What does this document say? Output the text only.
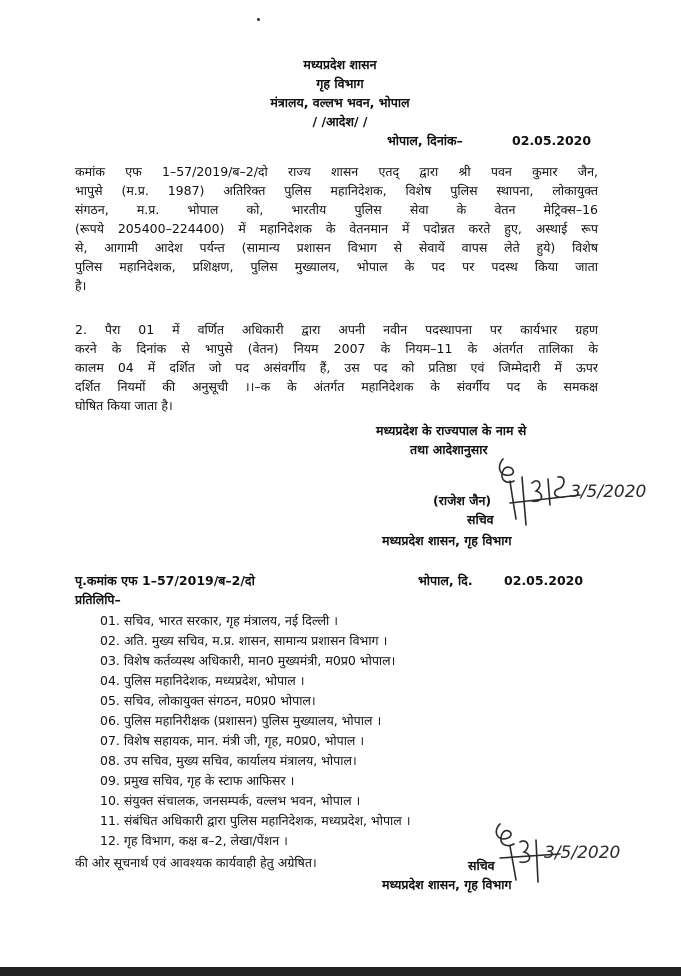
मध्यप्रदेश शासन
गृह विभाग
मंत्रालय, वल्लभ भवन, भोपाल
/ /आदेश/ /
भोपाल, दिनांक–	02.05.2020
कमांक एफ 1–57/2019/ब–2/दो राज्य शासन एतद् द्वारा श्री पवन कुमार जैन,
भापुसे (म.प्र. 1987) अतिरिक्त पुलिस महानिदेशक, विशेष पुलिस स्थापना, लोकायुक्त
संगठन, म.प्र. भोपाल को, भारतीय पुलिस सेवा के वेतन मेट्रिक्स–16
(रूपये 205400–224400) में महानिदेशक के वेतनमान में पदोन्नत करते हुए, अस्थाई रूप
से, आगामी आदेश पर्यन्त (सामान्य प्रशासन विभाग से सेवायें वापस लेते हुये) विशेष
पुलिस महानिदेशक, प्रशिक्षण, पुलिस मुख्यालय, भोपाल के पद पर पदस्थ किया जाता
है।
2. पैरा 01 में वर्णित अधिकारी द्वारा अपनी नवीन पदस्थापना पर कार्यभार ग्रहण
करने के दिनांक से भापुसे (वेतन) नियम 2007 के नियम–11 के अंतर्गत तालिका के
कालम 04 में दर्शित जो पद असंवर्गीय हैं, उस पद को प्रतिष्ठा एवं जिम्मेदारी में ऊपर
दर्शित नियमों की अनुसूची ।।–क के अंतर्गत महानिदेशक के संवर्गीय पद के समकक्ष
घोषित किया जाता है।
मध्यप्रदेश के राज्यपाल के नाम से
तथा आदेशानुसार
3/5/2020
(राजेश जैन)
सचिव
मध्यप्रदेश शासन, गृह विभाग
पृ.कमांक एफ 1–57/2019/ब–2/दो	भोपाल, दि.	02.05.2020
प्रतिलिपि–
01. सचिव, भारत सरकार, गृह मंत्रालय, नई दिल्ली ।
02. अति. मुख्य सचिव, म.प्र. शासन, सामान्य प्रशासन विभाग ।
03. विशेष कर्तव्यस्थ अधिकारी, मान0 मुख्यमंत्री, म0प्र0 भोपाल।
04. पुलिस महानिदेशक, मध्यप्रदेश, भोपाल ।
05. सचिव, लोकायुक्त संगठन, म0प्र0 भोपाल।
06. पुलिस महानिरीक्षक (प्रशासन) पुलिस मुख्यालय, भोपाल ।
07. विशेष सहायक, मान. मंत्री जी, गृह, म0प्र0, भोपाल ।
08. उप सचिव, मुख्य सचिव, कार्यालय मंत्रालय, भोपाल।
09. प्रमुख सचिव, गृह के स्टाफ आफिसर ।
10. संयुक्त संचालक, जनसम्पर्क, वल्लभ भवन, भोपाल ।
11. संबंधित अधिकारी द्वारा पुलिस महानिदेशक, मध्यप्रदेश, भोपाल ।
12. गृह विभाग, कक्ष ब–2, लेखा/पेंशन ।
की ओर सूचनार्थ एवं आवश्यक कार्यवाही हेतु अग्रेषित।	3/5/2020
सचिव
मध्यप्रदेश शासन, गृह विभाग
